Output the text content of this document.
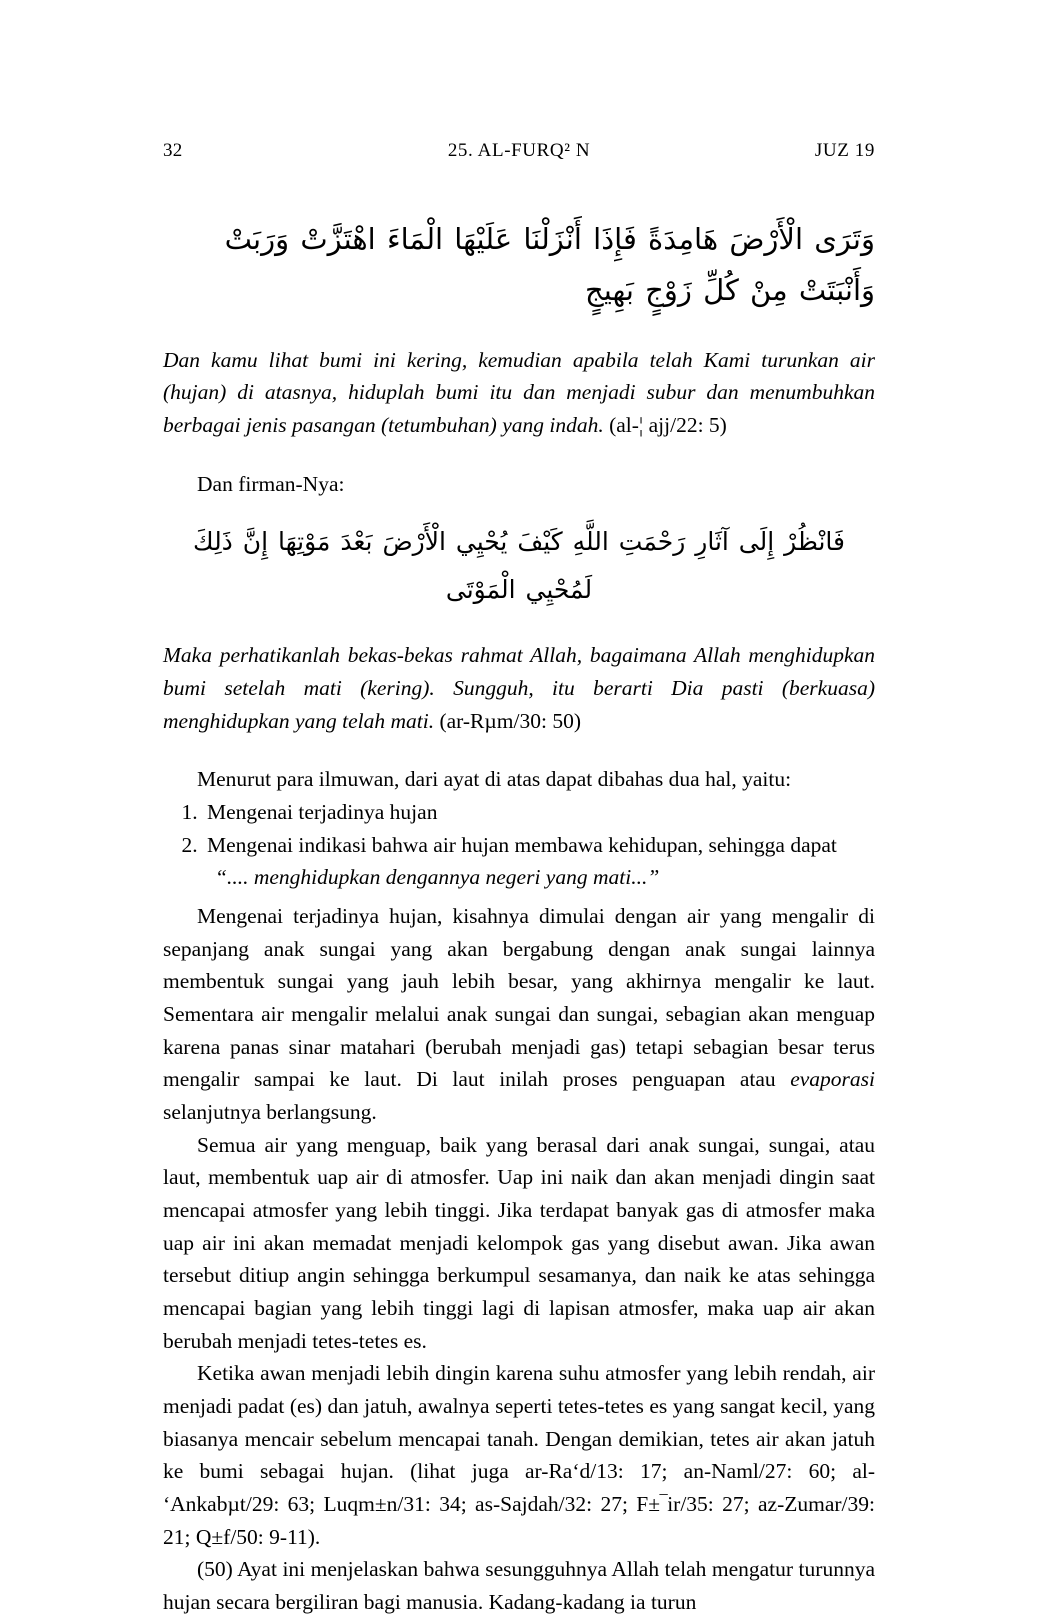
32	25. AL-FURQ² N	JUZ 19
وَتَرَى الْأَرْضَ هَامِدَةً فَإِذَا أَنْزَلْنَا عَلَيْهَا الْمَاءَ اهْتَزَّتْ وَرَبَتْ وَأَنْبَتَتْ مِنْ كُلِّ زَوْجٍ بَهِيجٍ

Dan kamu lihat bumi ini kering, kemudian apabila telah Kami turunkan air (hujan) di atasnya, hiduplah bumi itu dan menjadi subur dan menumbuhkan berbagai jenis pasangan (tetumbuhan) yang indah. (al-¦ ajj/22: 5)

Dan firman-Nya:

فَانْظُرْ إِلَى آثَارِ رَحْمَتِ اللَّهِ كَيْفَ يُحْيِي الْأَرْضَ بَعْدَ مَوْتِهَا إِنَّ ذَلِكَ لَمُحْيِي الْمَوْتَى

Maka perhatikanlah bekas-bekas rahmat Allah, bagaimana Allah menghidupkan bumi setelah mati (kering). Sungguh, itu berarti Dia pasti (berkuasa) menghidupkan yang telah mati. (ar-Rµm/30: 50)

Menurut para ilmuwan, dari ayat di atas dapat dibahas dua hal, yaitu:

1. Mengenai terjadinya hujan
2. Mengenai indikasi bahwa air hujan membawa kehidupan, sehingga dapat
“.... menghidupkan dengannya negeri yang mati...”

Mengenai terjadinya hujan, kisahnya dimulai dengan air yang mengalir di sepanjang anak sungai yang akan bergabung dengan anak sungai lainnya membentuk sungai yang jauh lebih besar, yang akhirnya mengalir ke laut. Sementara air mengalir melalui anak sungai dan sungai, sebagian akan menguap karena panas sinar matahari (berubah menjadi gas) tetapi sebagian besar terus mengalir sampai ke laut. Di laut inilah proses penguapan atau evaporasi selanjutnya berlangsung.

Semua air yang menguap, baik yang berasal dari anak sungai, sungai, atau laut, membentuk uap air di atmosfer. Uap ini naik dan akan menjadi dingin saat mencapai atmosfer yang lebih tinggi. Jika terdapat banyak gas di atmosfer maka uap air ini akan memadat menjadi kelompok gas yang disebut awan. Jika awan tersebut ditiup angin sehingga berkumpul sesamanya, dan naik ke atas sehingga mencapai bagian yang lebih tinggi lagi di lapisan atmosfer, maka uap air akan berubah menjadi tetes-tetes es.

Ketika awan menjadi lebih dingin karena suhu atmosfer yang lebih rendah, air menjadi padat (es) dan jatuh, awalnya seperti tetes-tetes es yang sangat kecil, yang biasanya mencair sebelum mencapai tanah. Dengan demikian, tetes air akan jatuh ke bumi sebagai hujan. (lihat juga ar-Ra‘d/13: 17; an-Naml/27: 60; al-ʻAnkabµt/29: 63; Luqm±n/31: 34; as-Sajdah/32: 27; F±‾ir/35: 27; az-Zumar/39: 21; Q±f/50: 9-11).

(50) Ayat ini menjelaskan bahwa sesungguhnya Allah telah mengatur turunnya hujan secara bergiliran bagi manusia. Kadang-kadang ia turun
